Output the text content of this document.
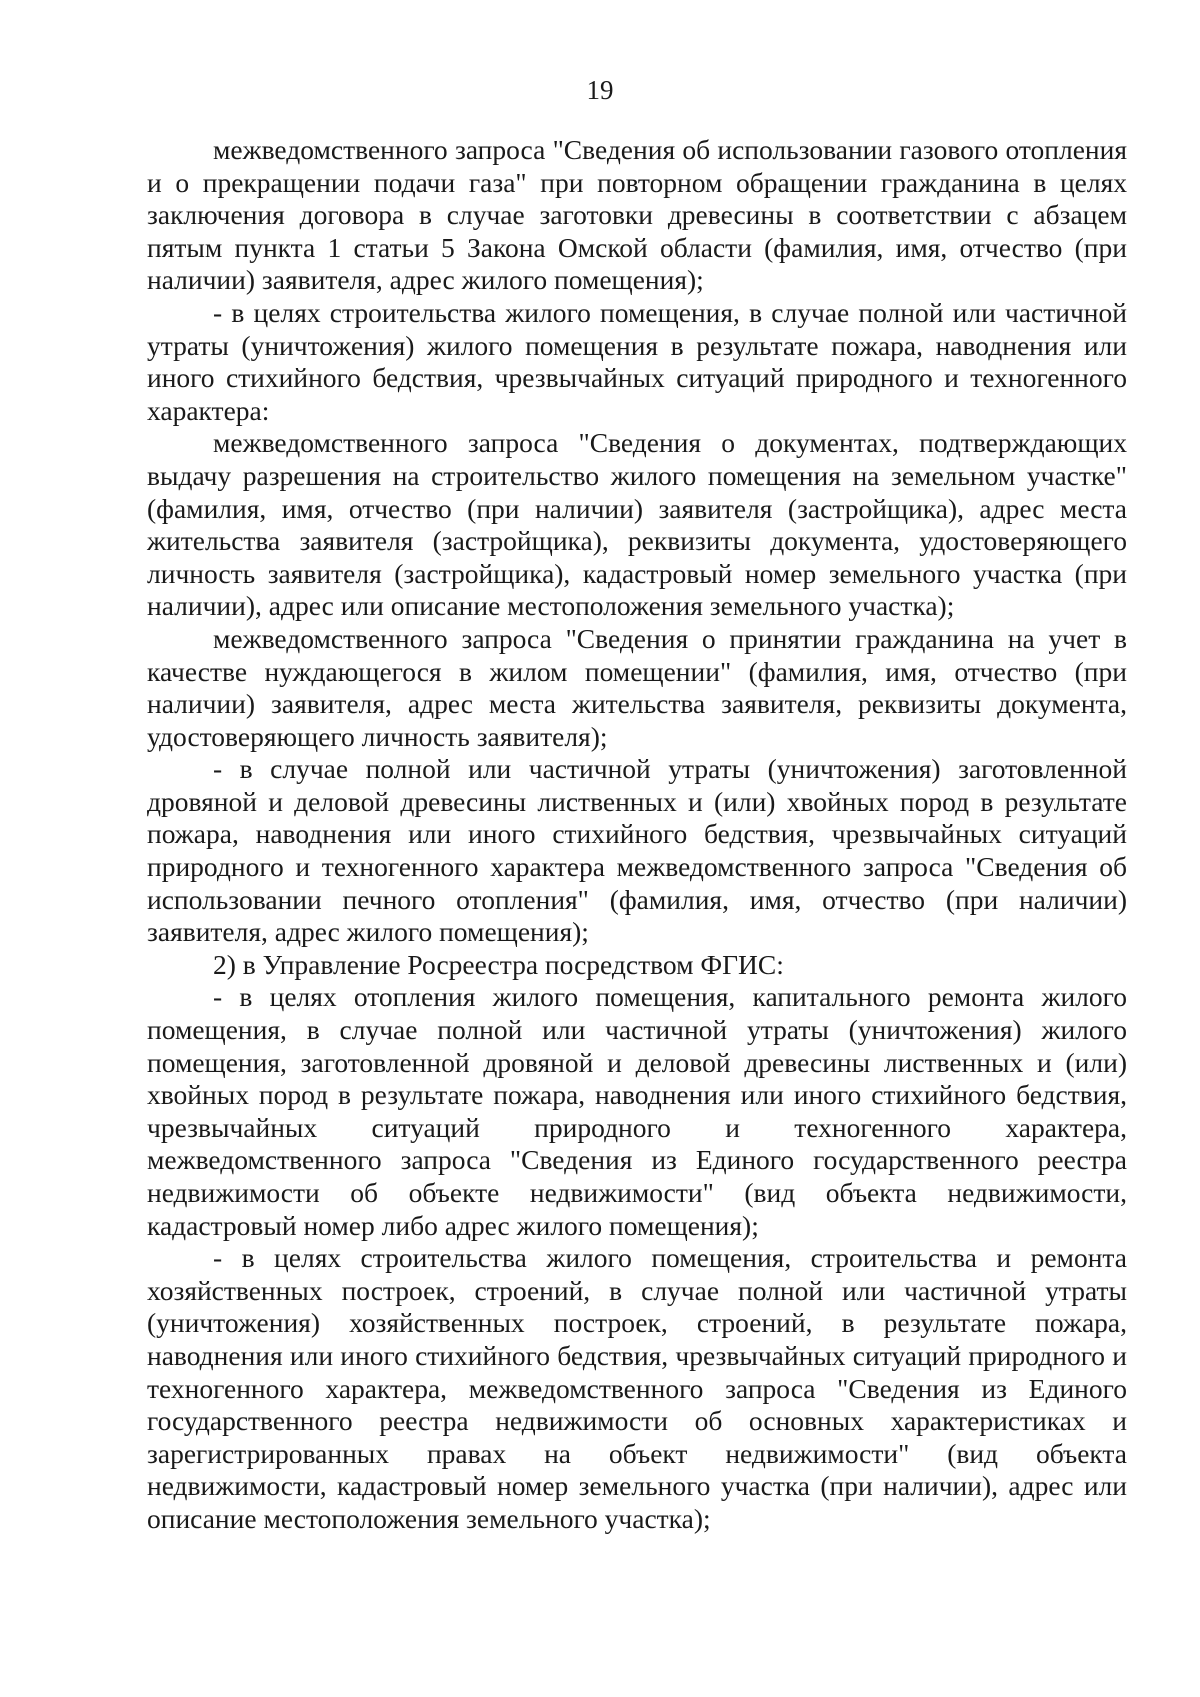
19

межведомственного запроса "Сведения об использовании газового отопления и о прекращении подачи газа" при повторном обращении гражданина в целях заключения договора в случае заготовки древесины в соответствии с абзацем пятым пункта 1 статьи 5 Закона Омской области (фамилия, имя, отчество (при наличии) заявителя, адрес жилого помещения);

- в целях строительства жилого помещения, в случае полной или частичной утраты (уничтожения) жилого помещения в результате пожара, наводнения или иного стихийного бедствия, чрезвычайных ситуаций природного и техногенного характера:

межведомственного запроса "Сведения о документах, подтверждающих выдачу разрешения на строительство жилого помещения на земельном участке" (фамилия, имя, отчество (при наличии) заявителя (застройщика), адрес места жительства заявителя (застройщика), реквизиты документа, удостоверяющего личность заявителя (застройщика), кадастровый номер земельного участка (при наличии), адрес или описание местоположения земельного участка);

межведомственного запроса "Сведения о принятии гражданина на учет в качестве нуждающегося в жилом помещении" (фамилия, имя, отчество (при наличии) заявителя, адрес места жительства заявителя, реквизиты документа, удостоверяющего личность заявителя);

- в случае полной или частичной утраты (уничтожения) заготовленной дровяной и деловой древесины лиственных и (или) хвойных пород в результате пожара, наводнения или иного стихийного бедствия, чрезвычайных ситуаций природного и техногенного характера межведомственного запроса "Сведения об использовании печного отопления" (фамилия, имя, отчество (при наличии) заявителя, адрес жилого помещения);

2) в Управление Росреестра посредством ФГИС:

- в целях отопления жилого помещения, капитального ремонта жилого помещения, в случае полной или частичной утраты (уничтожения) жилого помещения, заготовленной дровяной и деловой древесины лиственных и (или) хвойных пород в результате пожара, наводнения или иного стихийного бедствия, чрезвычайных ситуаций природного и техногенного характера, межведомственного запроса "Сведения из Единого государственного реестра недвижимости об объекте недвижимости" (вид объекта недвижимости, кадастровый номер либо адрес жилого помещения);

- в целях строительства жилого помещения, строительства и ремонта хозяйственных построек, строений, в случае полной или частичной утраты (уничтожения) хозяйственных построек, строений, в результате пожара, наводнения или иного стихийного бедствия, чрезвычайных ситуаций природного и техногенного характера, межведомственного запроса "Сведения из Единого государственного реестра недвижимости об основных характеристиках и зарегистрированных правах на объект недвижимости" (вид объекта недвижимости, кадастровый номер земельного участка (при наличии), адрес или описание местоположения земельного участка);
